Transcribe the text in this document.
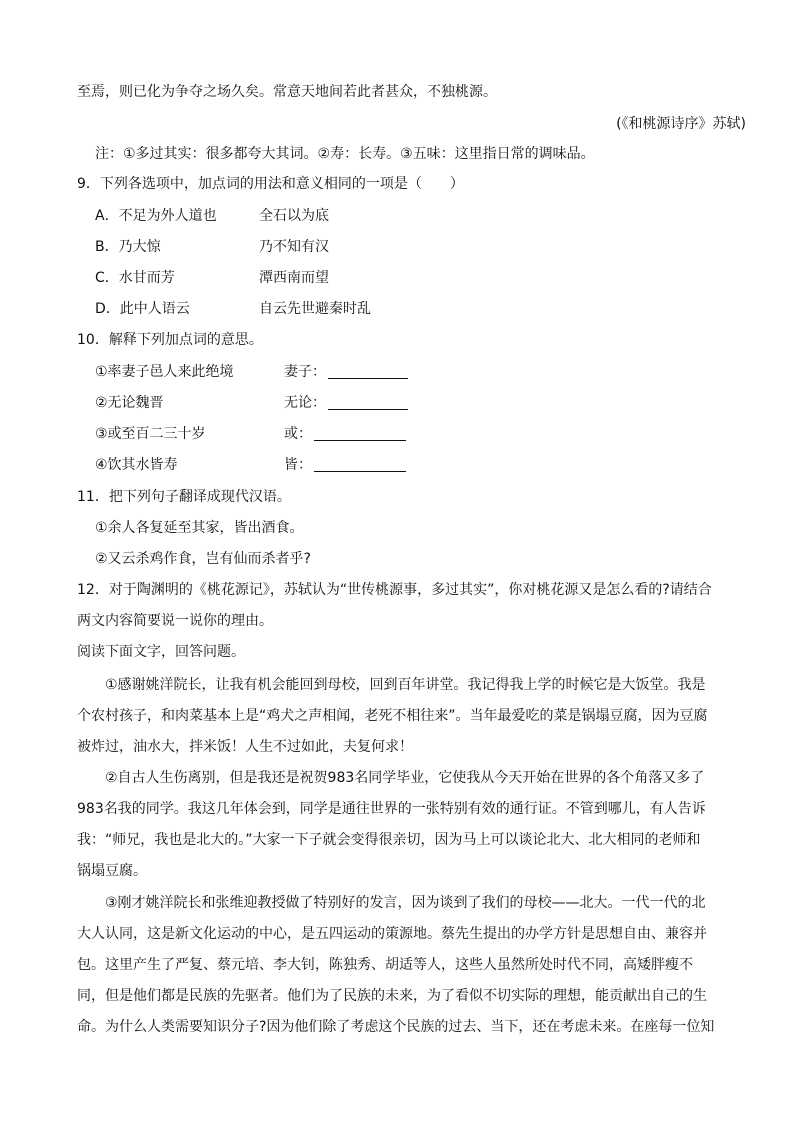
至焉，则已化为争夺之场久矣。常意天地间若此者甚众，不独桃源。
(《和桃源诗序》苏轼)
注：①多过其实：很多都夸大其词。②寿：长寿。③五味：这里指日常的调味品。
9．下列各选项中，加点词的用法和意义相同的一项是（　　）
A．不足为外人道也	全石以为底
B．乃大惊	乃不知有汉
C．水甘而芳	潭西南而望
D．此中人语云	自云先世避秦时乱
10．解释下列加点词的意思。
①率妻子邑人来此绝境	妻子：
②无论魏晋	无论：
③或至百二三十岁	或：
④饮其水皆寿	皆：
11．把下列句子翻译成现代汉语。
①余人各复延至其家，皆出酒食。
②又云杀鸡作食，岂有仙而杀者乎?
12．对于陶渊明的《桃花源记》，苏轼认为“世传桃源事，多过其实”，你对桃花源又是怎么看的?请结合
两文内容简要说一说你的理由。
阅读下面文字，回答问题。
①感谢姚洋院长，让我有机会能回到母校，回到百年讲堂。我记得我上学的时候它是大饭堂。我是
个农村孩子，和肉菜基本上是“鸡犬之声相闻，老死不相往来”。当年最爱吃的菜是锅塌豆腐，因为豆腐
被炸过，油水大，拌米饭！人生不过如此，夫复何求！
②自古人生伤离别，但是我还是祝贺983名同学毕业，它使我从今天开始在世界的各个角落又多了
983名我的同学。我这几年体会到，同学是通往世界的一张特别有效的通行证。不管到哪儿，有人告诉
我：“师兄，我也是北大的。”大家一下子就会变得很亲切，因为马上可以谈论北大、北大相同的老师和
锅塌豆腐。
③刚才姚洋院长和张维迎教授做了特别好的发言，因为谈到了我们的母校——北大。一代一代的北
大人认同，这是新文化运动的中心，是五四运动的策源地。蔡先生提出的办学方针是思想自由、兼容并
包。这里产生了严复、蔡元培、李大钊，陈独秀、胡适等人，这些人虽然所处时代不同，高矮胖瘦不
同，但是他们都是民族的先驱者。他们为了民族的未来，为了看似不切实际的理想，能贡献出自己的生
命。为什么人类需要知识分子?因为他们除了考虑这个民族的过去、当下，还在考虑未来。在座每一位知
